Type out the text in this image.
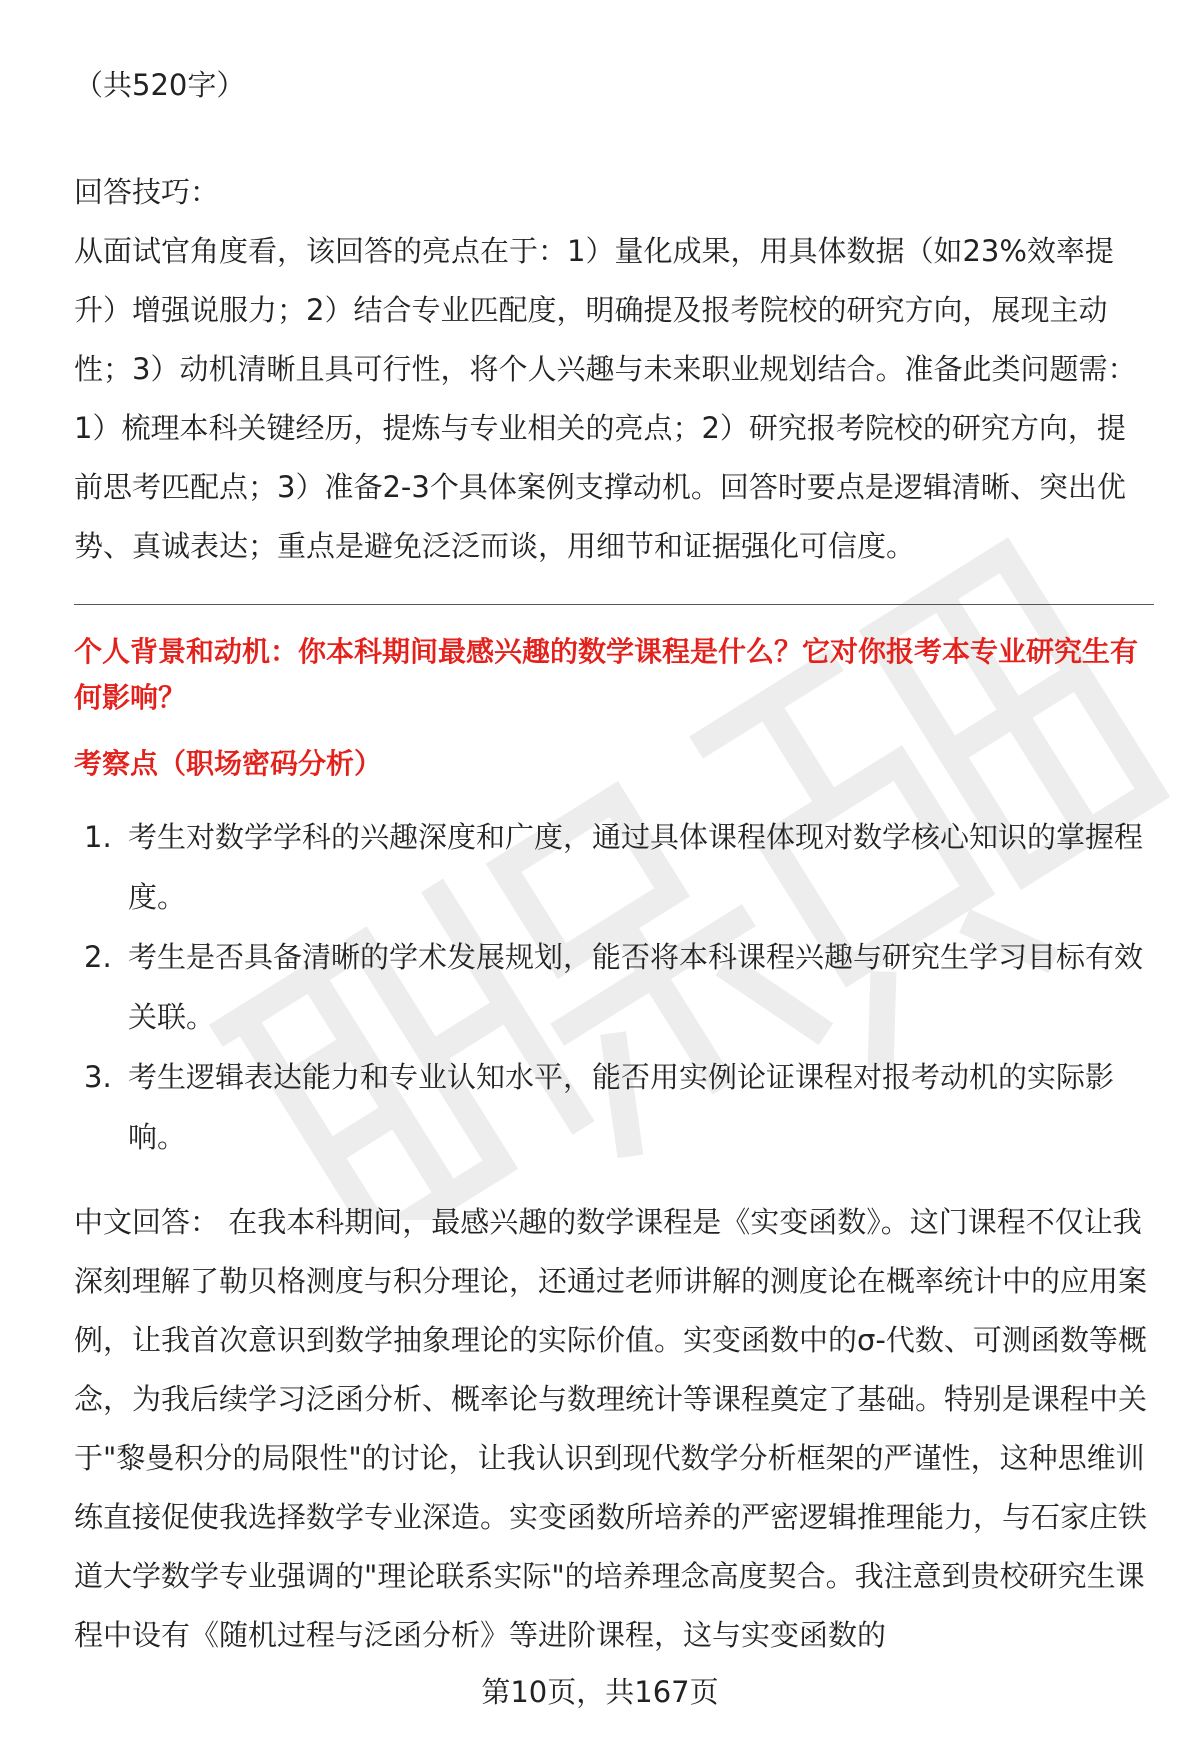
（共520字）

回答技巧：

从面试官角度看，该回答的亮点在于：1）量化成果，用具体数据（如23%效率提升）增强说服力；2）结合专业匹配度，明确提及报考院校的研究方向，展现主动性；3）动机清晰且具可行性，将个人兴趣与未来职业规划结合。准备此类问题需：1）梳理本科关键经历，提炼与专业相关的亮点；2）研究报考院校的研究方向，提前思考匹配点；3）准备2-3个具体案例支撑动机。回答时要点是逻辑清晰、突出优势、真诚表达；重点是避免泛泛而谈，用细节和证据强化可信度。

个人背景和动机：你本科期间最感兴趣的数学课程是什么？它对你报考本专业研究生有何影响？

考察点（职场密码分析）

1. 考生对数学学科的兴趣深度和广度，通过具体课程体现对数学核心知识的掌握程度。
2. 考生是否具备清晰的学术发展规划，能否将本科课程兴趣与研究生学习目标有效关联。
3. 考生逻辑表达能力和专业认知水平，能否用实例论证课程对报考动机的实际影响。

中文回答： 在我本科期间，最感兴趣的数学课程是《实变函数》。这门课程不仅让我深刻理解了勒贝格测度与积分理论，还通过老师讲解的测度论在概率统计中的应用案例，让我首次意识到数学抽象理论的实际价值。实变函数中的σ-代数、可测函数等概念，为我后续学习泛函分析、概率论与数理统计等课程奠定了基础。特别是课程中关于"黎曼积分的局限性"的讨论，让我认识到现代数学分析框架的严谨性，这种思维训练直接促使我选择数学专业深造。实变函数所培养的严密逻辑推理能力，与石家庄铁道大学数学专业强调的"理论联系实际"的培养理念高度契合。我注意到贵校研究生课程中设有《随机过程与泛函分析》等进阶课程，这与实变函数的

第10页，共167页
